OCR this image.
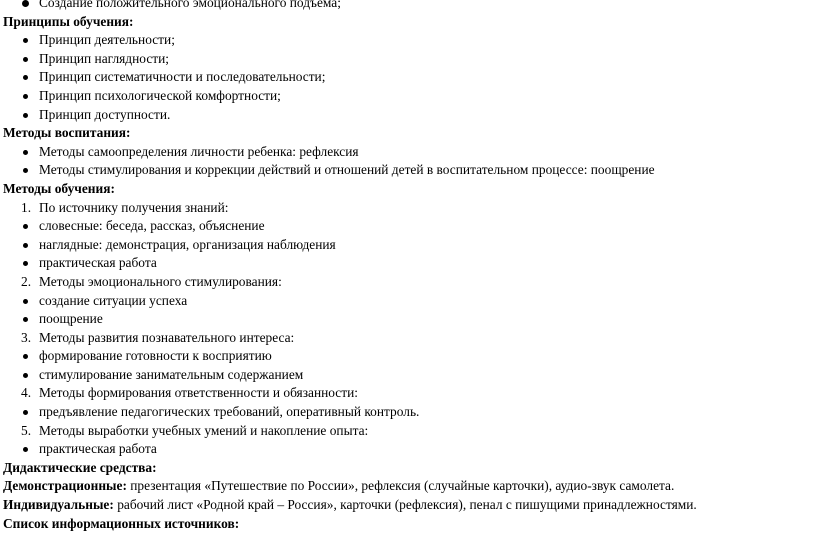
Создание положительного эмоционального подъёма;
Принципы обучения:
Принцип деятельности;
Принцип наглядности;
Принцип систематичности и последовательности;
Принцип психологической комфортности;
Принцип доступности.
Методы воспитания:
Методы самоопределения личности ребенка: рефлексия
Методы стимулирования и коррекции действий и отношений детей в воспитательном процессе: поощрение
Методы обучения:
1. По источнику получения знаний:
словесные: беседа, рассказ, объяснение
наглядные: демонстрация, организация наблюдения
практическая работа
2. Методы эмоционального стимулирования:
создание ситуации успеха
поощрение
3. Методы развития познавательного интереса:
формирование готовности к восприятию
стимулирование занимательным содержанием
4. Методы формирования ответственности и обязанности:
предъявление педагогических требований, оперативный контроль.
5. Методы выработки учебных умений и накопление опыта:
практическая работа
Дидактические средства:
Демонстрационные: презентация «Путешествие по России», рефлексия (случайные карточки), аудио-звук самолета.
Индивидуальные: рабочий лист «Родной край – Россия», карточки (рефлексия), пенал с пишущими принадлежностями.
Список информационных источников:
